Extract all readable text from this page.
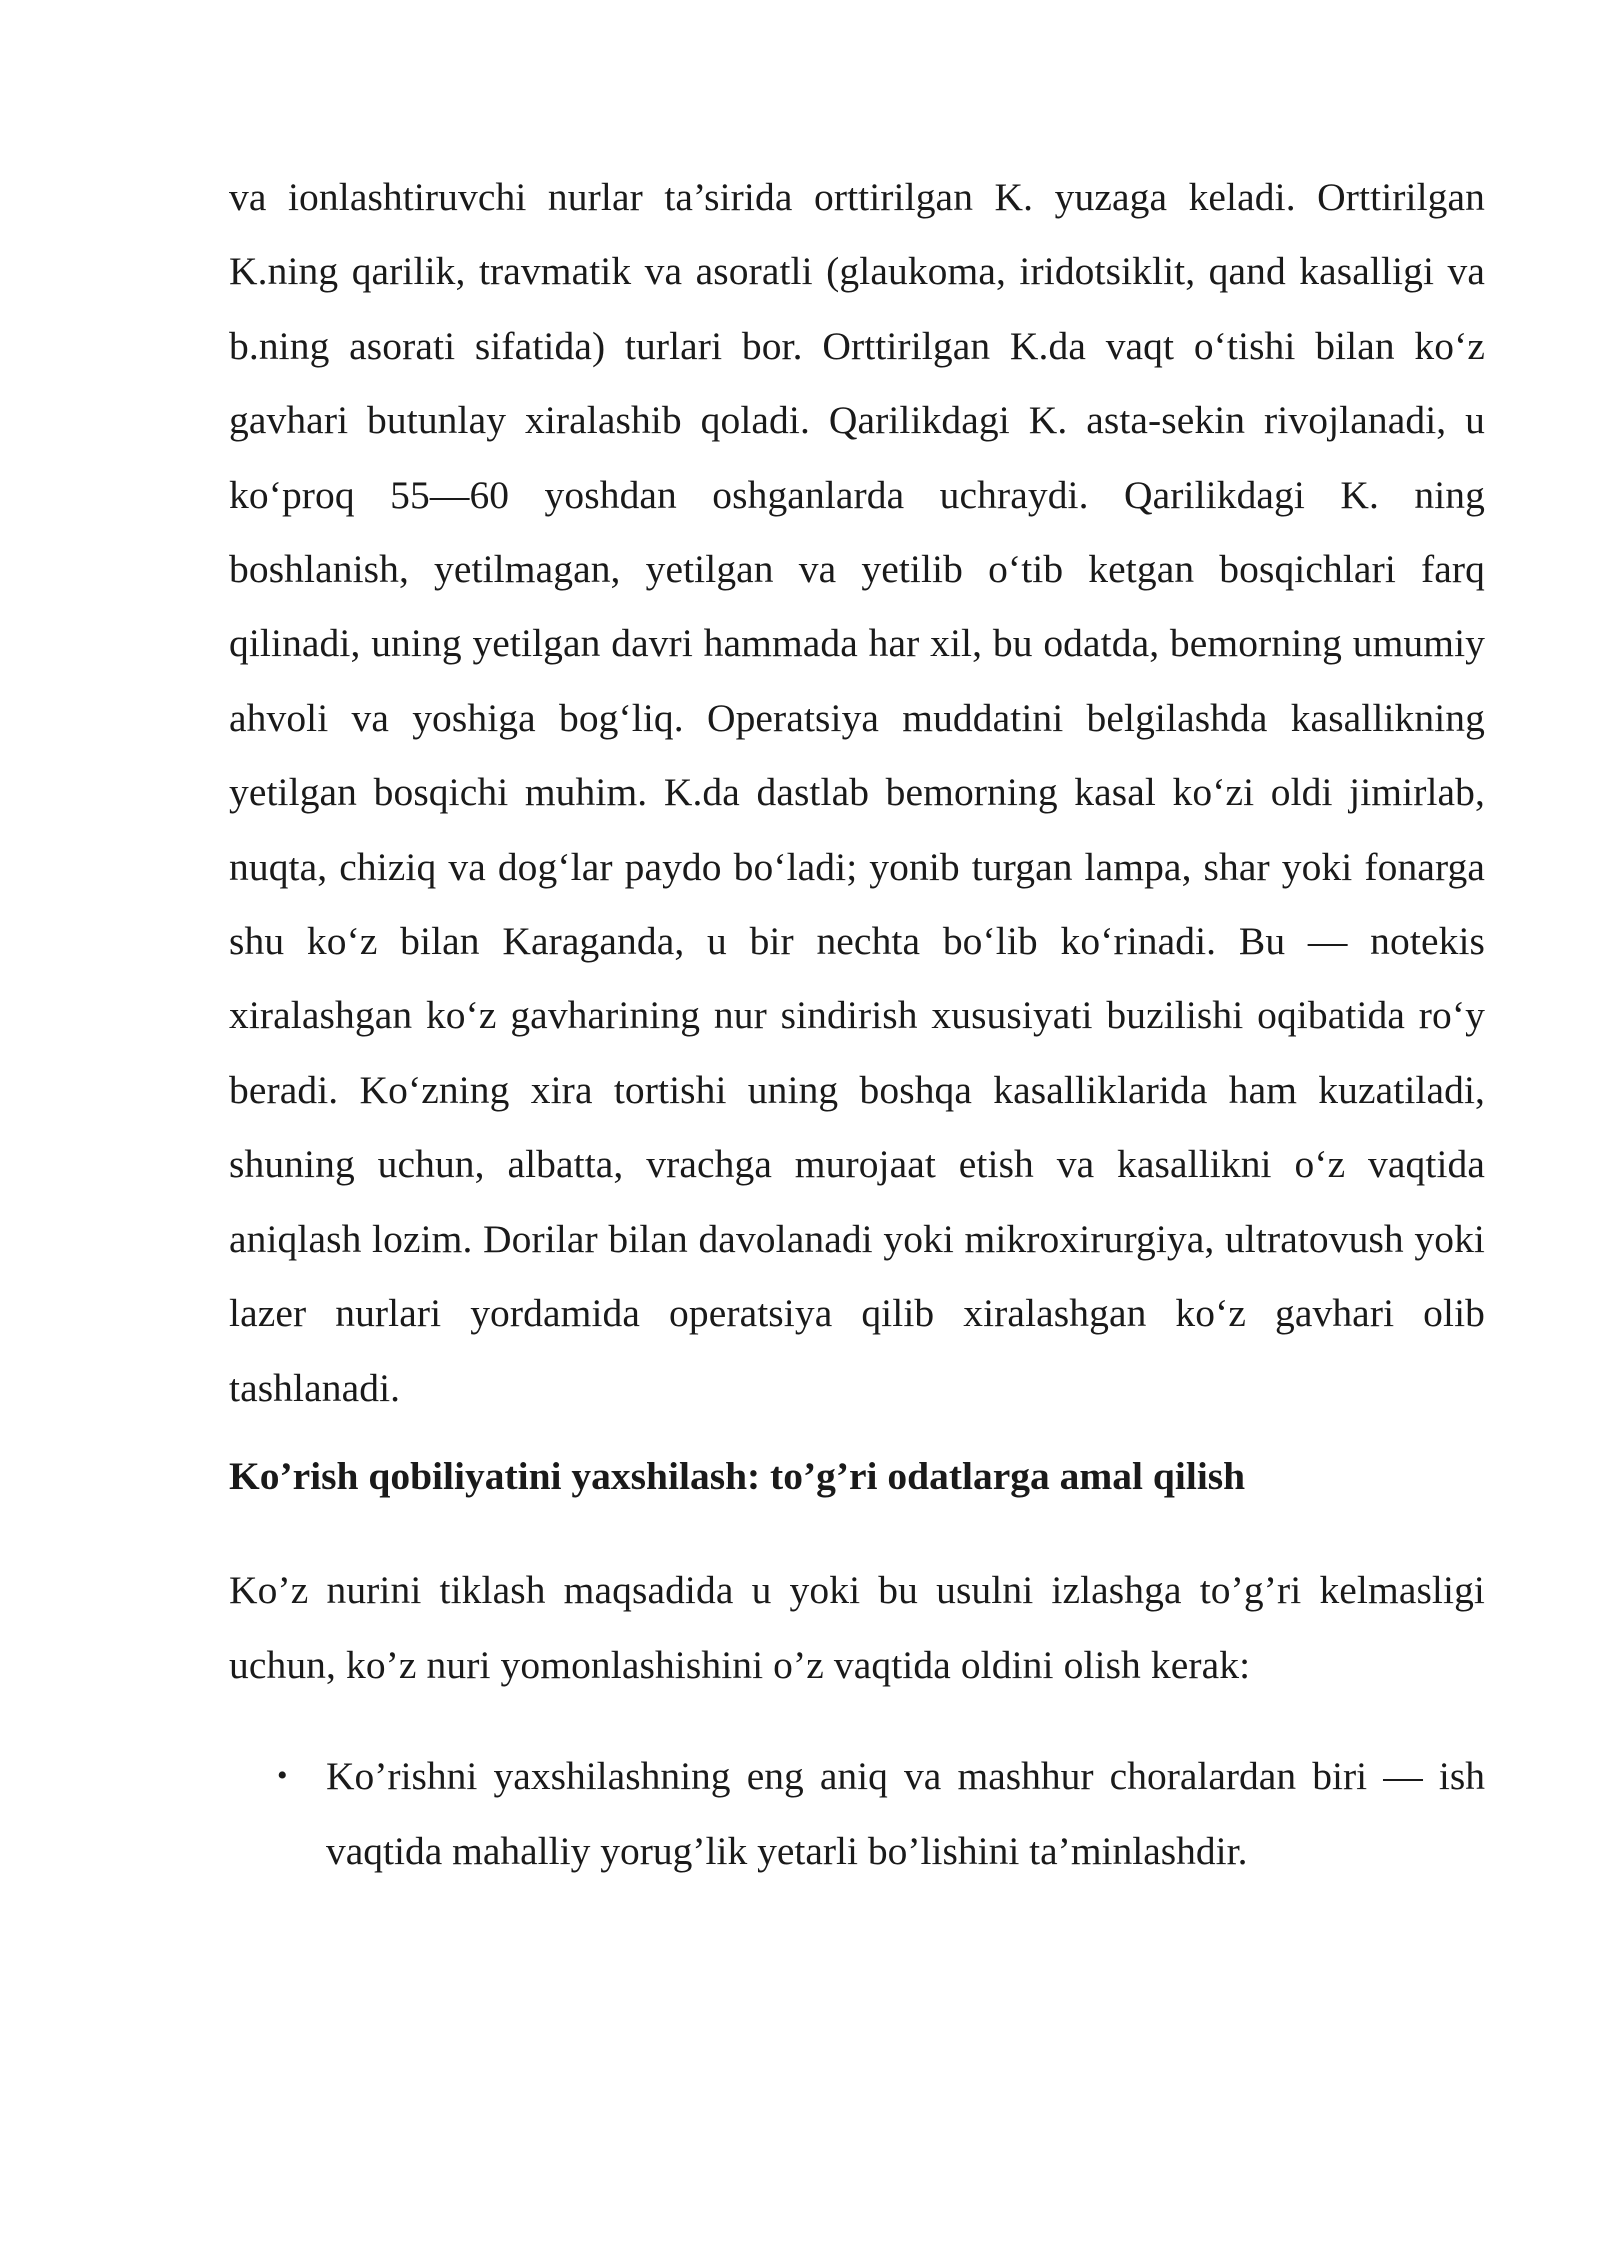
va ionlashtiruvchi nurlar ta’sirida orttirilgan K. yuzaga keladi. Orttirilgan K.ning qarilik, travmatik va asoratli (glaukoma, iridotsiklit, qand kasalligi va b.ning asorati sifatida) turlari bor. Orttirilgan K.da vaqt o‘tishi bilan ko‘z gavhari butunlay xiralashib qoladi. Qarilikdagi K. asta-sekin rivojlanadi, u ko‘proq 55—60 yoshdan oshganlarda uchraydi. Qarilikdagi K. ning boshlanish, yetilmagan, yetilgan va yetilib o‘tib ketgan bosqichlari farq qilinadi, uning yetilgan davri hammada har xil, bu odatda, bemorning umumiy ahvoli va yoshiga bog‘liq. Operatsiya muddatini belgilashda kasallikning yetilgan bosqichi muhim. K.da dastlab bemorning kasal ko‘zi oldi jimirlab, nuqta, chiziq va dog‘lar paydo bo‘ladi; yonib turgan lampa, shar yoki fonarga shu ko‘z bilan Karaganda, u bir nechta bo‘lib ko‘rinadi. Bu — notekis xiralashgan ko‘z gavharining nur sindirish xususiyati buzilishi oqibatida ro‘y beradi. Ko‘zning xira tortishi uning boshqa kasalliklarida ham kuzatiladi, shuning uchun, albatta, vrachga murojaat etish va kasallikni o‘z vaqtida aniqlash lozim. Dorilar bilan davolanadi yoki mikroxirurgiya, ultratovush yoki lazer nurlari yordamida operatsiya qilib xiralashgan ko‘z gavhari olib tashlanadi.

Ko’rish qobiliyatini yaxshilash: to’g’ri odatlarga amal qilish

Ko’z nurini tiklash maqsadida u yoki bu usulni izlashga to’g’ri kelmasligi uchun, ko’z nuri yomonlashishini o’z vaqtida oldini olish kerak:

• Ko’rishni yaxshilashning eng aniq va mashhur choralardan biri — ish vaqtida mahalliy yorug’lik yetarli bo’lishini ta’minlashdir.
